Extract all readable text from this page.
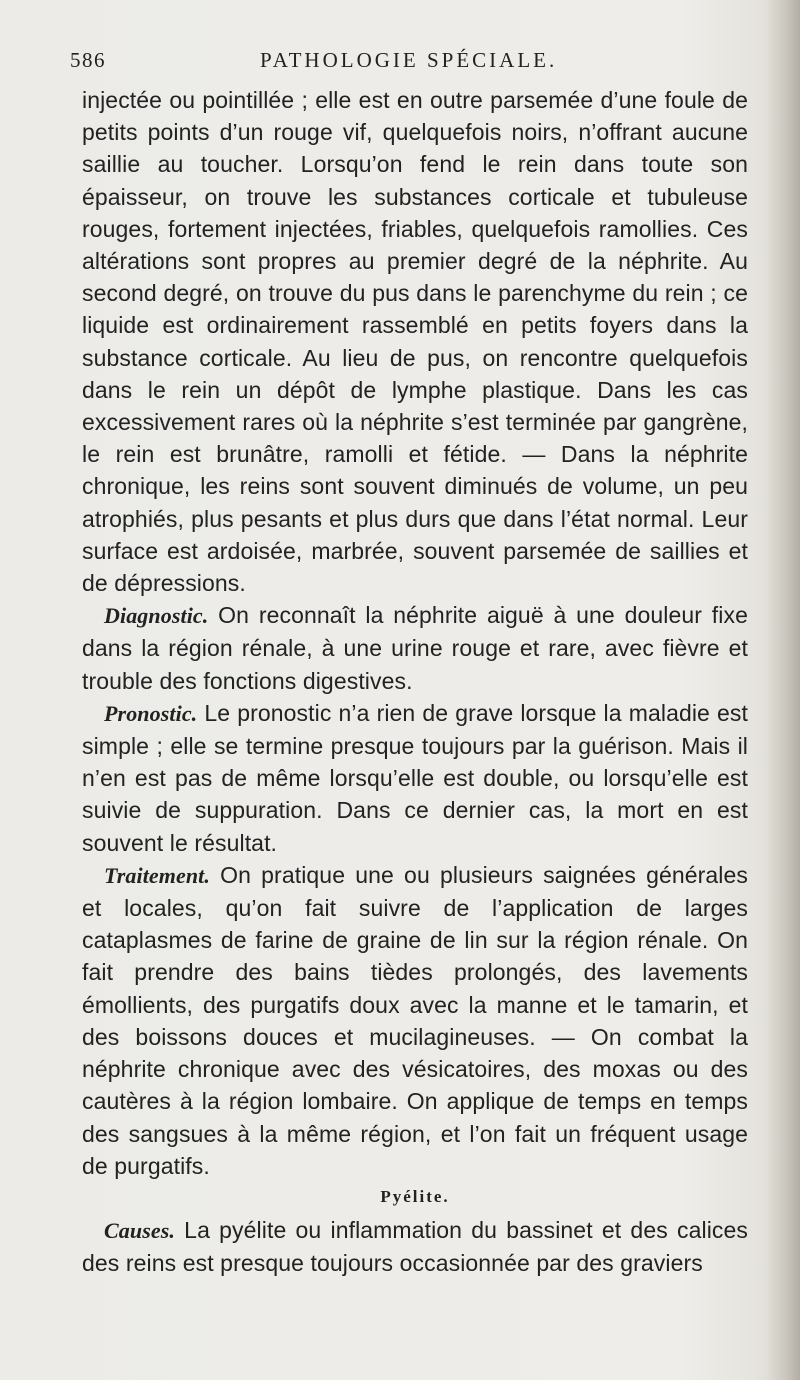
586	PATHOLOGIE SPÉCIALE.

injectée ou pointillée ; elle est en outre parsemée d’une foule de petits points d’un rouge vif, quelquefois noirs, n’offrant aucune saillie au toucher. Lorsqu’on fend le rein dans toute son épaisseur, on trouve les substances corticale et tubuleuse rouges, fortement injectées, friables, quelquefois ramollies. Ces altérations sont propres au premier degré de la néphrite. Au second degré, on trouve du pus dans le parenchyme du rein ; ce liquide est ordinairement rassemblé en petits foyers dans la substance corticale. Au lieu de pus, on rencontre quelquefois dans le rein un dépôt de lymphe plastique. Dans les cas excessivement rares où la néphrite s’est terminée par gangrène, le rein est brunâtre, ramolli et fétide. — Dans la néphrite chronique, les reins sont souvent diminués de volume, un peu atrophiés, plus pesants et plus durs que dans l’état normal. Leur surface est ardoisée, marbrée, souvent parsemée de saillies et de dépressions.

Diagnostic. On reconnaît la néphrite aiguë à une douleur fixe dans la région rénale, à une urine rouge et rare, avec fièvre et trouble des fonctions digestives.

Pronostic. Le pronostic n’a rien de grave lorsque la maladie est simple ; elle se termine presque toujours par la guérison. Mais il n’en est pas de même lorsqu’elle est double, ou lorsqu’elle est suivie de suppuration. Dans ce dernier cas, la mort en est souvent le résultat.

Traitement. On pratique une ou plusieurs saignées générales et locales, qu’on fait suivre de l’application de larges cataplasmes de farine de graine de lin sur la région rénale. On fait prendre des bains tièdes prolongés, des lavements émollients, des purgatifs doux avec la manne et le tamarin, et des boissons douces et mucilagineuses. — On combat la néphrite chronique avec des vésicatoires, des moxas ou des cautères à la région lombaire. On applique de temps en temps des sangsues à la même région, et l’on fait un fréquent usage de purgatifs.

Pyélite.

Causes. La pyélite ou inflammation du bassinet et des calices des reins est presque toujours occasionnée par des graviers
